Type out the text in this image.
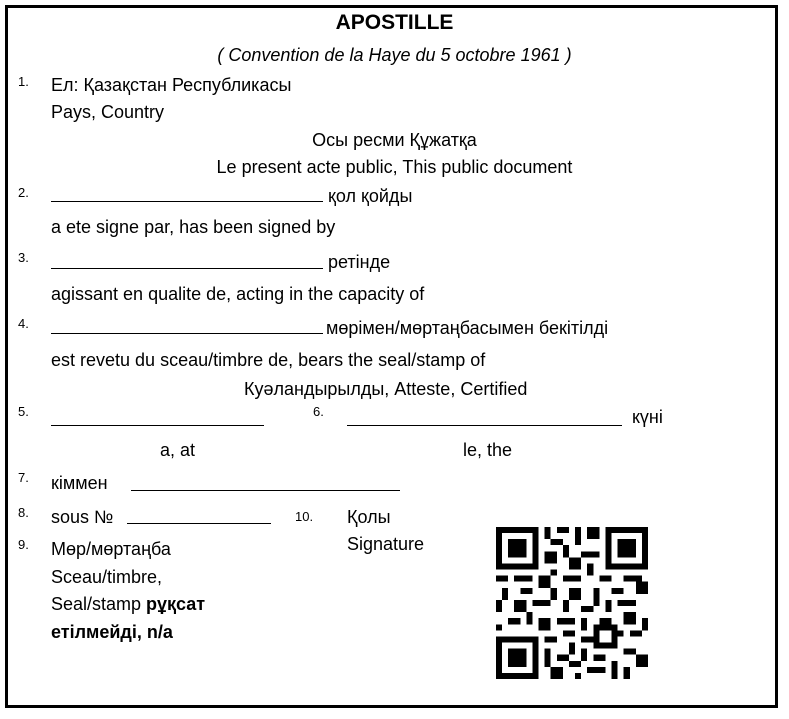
APOSTILLE
( Convention de la Haye du 5 octobre 1961 )
1. Ел: Қазақстан Республикасы
Pays, Country
Осы ресми Құжатқа
Le present acte public, This public document
2.	қол қойды
a ete signe par, has been signed by
3.	ретінде
agissant en qualite de, acting in the capacity of
4.	мөрімен/мөртаңбасымен бекітілді
est revetu du sceau/timbre de, bears the seal/stamp of
Куәландырылды, Atteste, Certified
5.	6.	күні
a, at	le, the
7. кіммен
8. sous №	10. Қолы
Signature
9. Мөр/мөртаңба
Sceau/timbre,
Seal/stamp рұқсат
етілмейді, n/a
